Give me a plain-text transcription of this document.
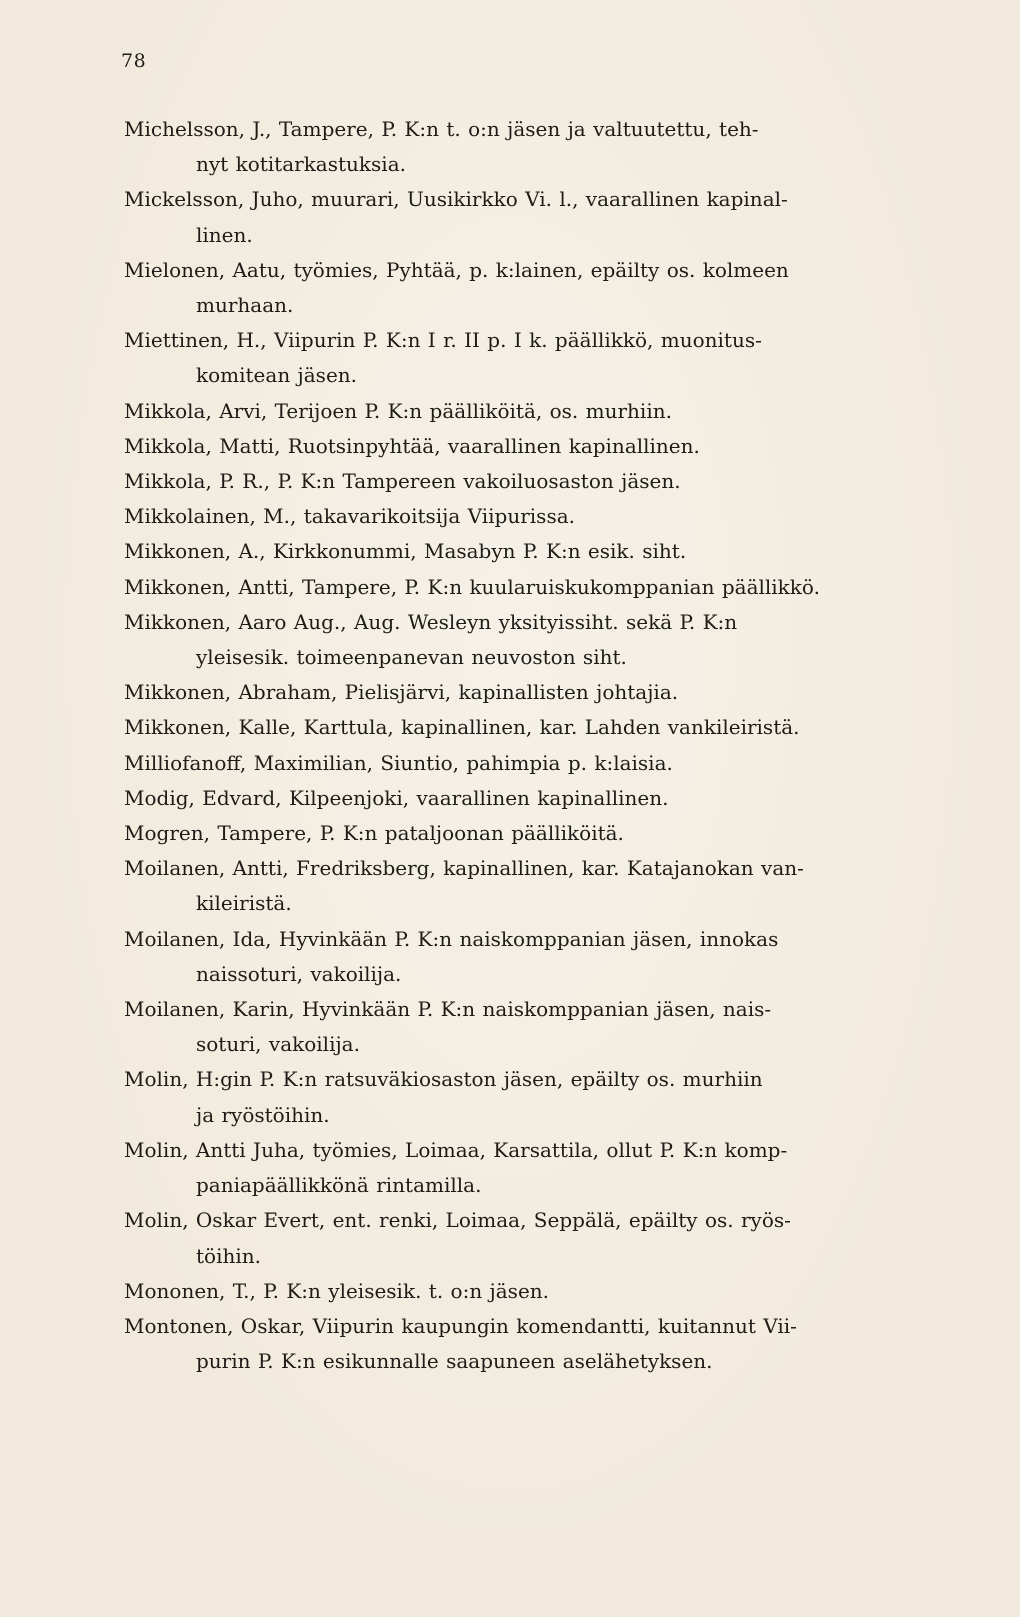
78
Michelsson, J., Tampere, P. K:n t. o:n jäsen ja valtuutettu, teh-
nyt kotitarkastuksia.
Mickelsson, Juho, muurari, Uusikirkko Vi. l., vaarallinen kapinal-
linen.
Mielonen, Aatu, työmies, Pyhtää, p. k:lainen, epäilty os. kolmeen
murhaan.
Miettinen, H., Viipurin P. K:n I r. II p. I k. päällikkö, muonitus-
komitean jäsen.
Mikkola, Arvi, Terijoen P. K:n päälliköitä, os. murhiin.
Mikkola, Matti, Ruotsinpyhtää, vaarallinen kapinallinen.
Mikkola, P. R., P. K:n Tampereen vakoiluosaston jäsen.
Mikkolainen, M., takavarikoitsija Viipurissa.
Mikkonen, A., Kirkkonummi, Masabyn P. K:n esik. siht.
Mikkonen, Antti, Tampere, P. K:n kuularuiskukomppanian päällikkö.
Mikkonen, Aaro Aug., Aug. Wesleyn yksityissiht. sekä P. K:n
yleisesik. toimeenpanevan neuvoston siht.
Mikkonen, Abraham, Pielisjärvi, kapinallisten johtajia.
Mikkonen, Kalle, Karttula, kapinallinen, kar. Lahden vankileiristä.
Milliofanoff, Maximilian, Siuntio, pahimpia p. k:laisia.
Modig, Edvard, Kilpeenjoki, vaarallinen kapinallinen.
Mogren, Tampere, P. K:n pataljoonan päälliköitä.
Moilanen, Antti, Fredriksberg, kapinallinen, kar. Katajanokan van-
kileiristä.
Moilanen, Ida, Hyvinkään P. K:n naiskomppanian jäsen, innokas
naissoturi, vakoilija.
Moilanen, Karin, Hyvinkään P. K:n naiskomppanian jäsen, nais-
soturi, vakoilija.
Molin, H:gin P. K:n ratsuväkiosaston jäsen, epäilty os. murhiin
ja ryöstöihin.
Molin, Antti Juha, työmies, Loimaa, Karsattila, ollut P. K:n komp-
paniapäällikkönä rintamilla.
Molin, Oskar Evert, ent. renki, Loimaa, Seppälä, epäilty os. ryös-
töihin.
Mononen, T., P. K:n yleisesik. t. o:n jäsen.
Montonen, Oskar, Viipurin kaupungin komendantti, kuitannut Vii-
purin P. K:n esikunnalle saapuneen aselähetyksen.
